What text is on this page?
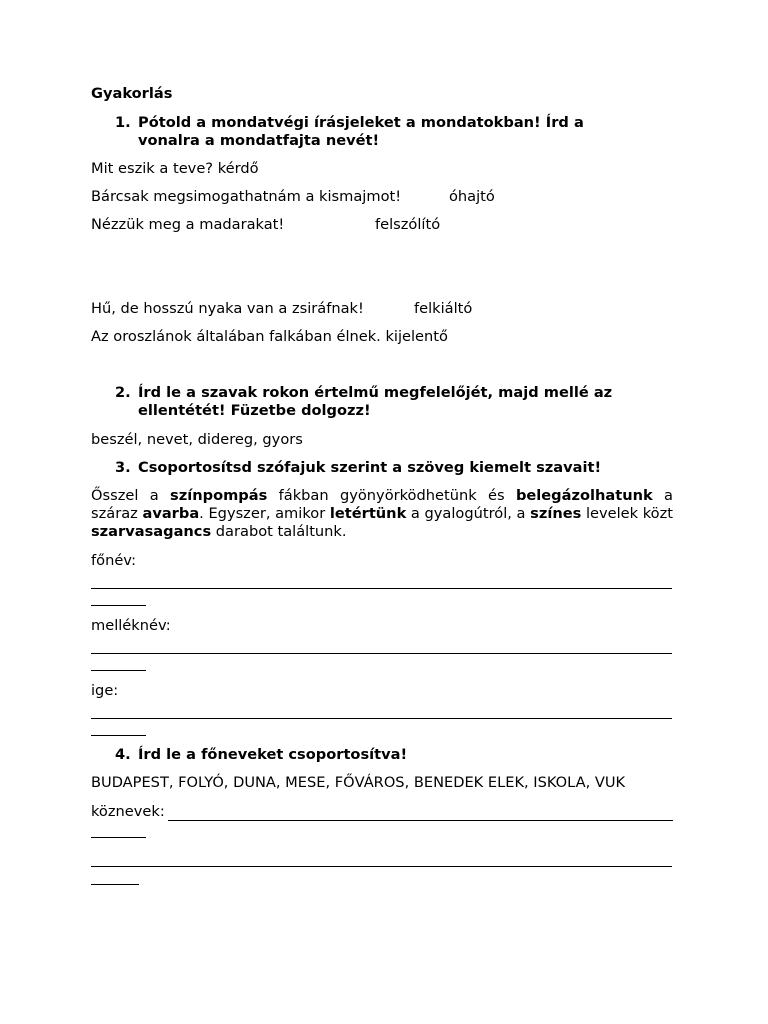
Gyakorlás
1. Pótold a mondatvégi írásjeleket a mondatokban! Írd a
vonalra a mondatfajta nevét!
Mit eszik a teve? kérdő
Bárcsak megsimogathatnám a kismajmot!	óhajtó
Nézzük meg a madarakat!	felszólító
Hű, de hosszú nyaka van a zsiráfnak!	felkiáltó
Az oroszlánok általában falkában élnek. kijelentő
2. Írd le a szavak rokon értelmű megfelelőjét, majd mellé az
ellentétét! Füzetbe dolgozz!
beszél, nevet, didereg, gyors
3. Csoportosítsd szófajuk szerint a szöveg kiemelt szavait!
Ősszel a színpompás fákban gyönyörködhetünk és belegázolhatunk a száraz avarba. Egyszer, amikor letértünk a gyalogútról, a színes levelek közt szarvasagancs darabot találtunk.
főnév:
melléknév:
ige:
4. Írd le a főneveket csoportosítva!
BUDAPEST, FOLYÓ, DUNA, MESE, FŐVÁROS, BENEDEK ELEK, ISKOLA, VUK
köznevek:
